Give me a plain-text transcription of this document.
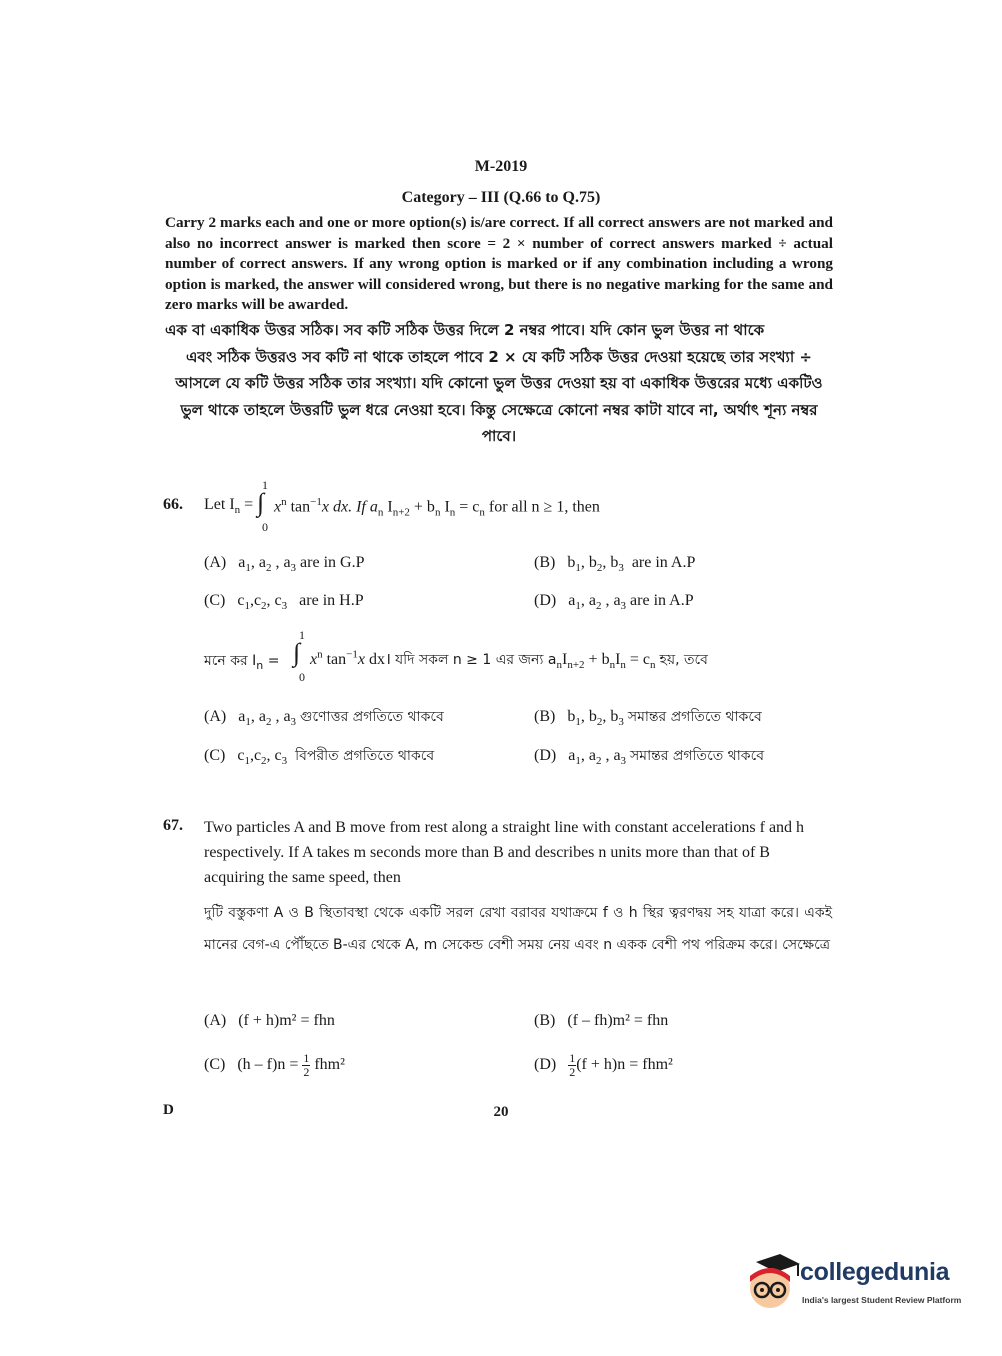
M-2019
Category – III (Q.66 to Q.75)
Carry 2 marks each and one or more option(s) is/are correct. If all correct answers are not marked and also no incorrect answer is marked then score = 2 × number of correct answers marked ÷ actual number of correct answers. If any wrong option is marked or if any combination including a wrong option is marked, the answer will considered wrong, but there is no negative marking for the same and zero marks will be awarded.
এক বা একাধিক উত্তর সঠিক। সব কটি সঠিক উত্তর দিলে 2 নম্বর পাবে। যদি কোন ভুল উত্তর না থাকে
এবং সঠিক উত্তরও সব কটি না থাকে তাহলে পাবে 2 × যে কটি সঠিক উত্তর দেওয়া হয়েছে তার সংখ্যা ÷ আসলে যে কটি উত্তর সঠিক তার সংখ্যা। যদি কোনো ভুল উত্তর দেওয়া হয় বা একাধিক উত্তরের মধ্যে একটিও ভুল থাকে তাহলে উত্তরটি ভুল ধরে নেওয়া হবে। কিন্তু সেক্ষেত্রে কোনো নম্বর কাটা যাবে না, অর্থাৎ শূন্য নম্বর পাবে।
66. Let $I_n$ = ∫
1
0
$x^n$ $\tan^{-1}x$ dx. If $a_n$ $I_{n+2} + b_n$ $I_n = c_n$ for all n ≥ 1, then
(A)   $a_1$, $a_2$ , $a_3$ are in G.P	(B)   $b_1$, $b_2$, $b_3$ are in A.P
(C)   $c_1,c_2$, $c_3$ are in H.P	(D)   $a_1$, $a_2$ , $a_3$ are in A.P
মনে কর $I_n$ = ∫
1
0
$x^n$ $\tan^{-1}x$ dx। যদি সকল n ≥ 1 এর জন্য $a_nI_{n+2} + b_nI_n = c_n$ হয়, তবে
(A)   $a_1$, $a_2$ , $a_3$ গুণোত্তর প্রগতিতে থাকবে	(B)   $b_1$, $b_2$, $b_3$ সমান্তর প্রগতিতে থাকবে
(C)   $c_1,c_2$, $c_3$ বিপরীত প্রগতিতে থাকবে	(D)   $a_1$, $a_2$ , $a_3$ সমান্তর প্রগতিতে থাকবে
67. Two particles A and B move from rest along a straight line with constant accelerations f and h respectively. If A takes m seconds more than B and describes n units more than that of B acquiring the same speed, then
দুটি বস্তুকণা A ও B স্থিতাবস্থা থেকে একটি সরল রেখা বরাবর যথাক্রমে f ও h স্থির ত্বরণদ্বয় সহ যাত্রা করে। একই মানের বেগ-এ পৌঁছতে B-এর থেকে A, m সেকেন্ড বেশী সময় নেয় এবং n একক বেশী পথ পরিক্রম করে। সেক্ষেত্রে
(A) (f + h)m² = fhn	(B) (f – fh)m² = fhn
(C) $(h - f)n = \frac{1}{2} fhm^2$	$(D) \frac{1}{2} (f + h)n = fhm^2$
D	20
collegedunia
India's largest Student Review Platform
